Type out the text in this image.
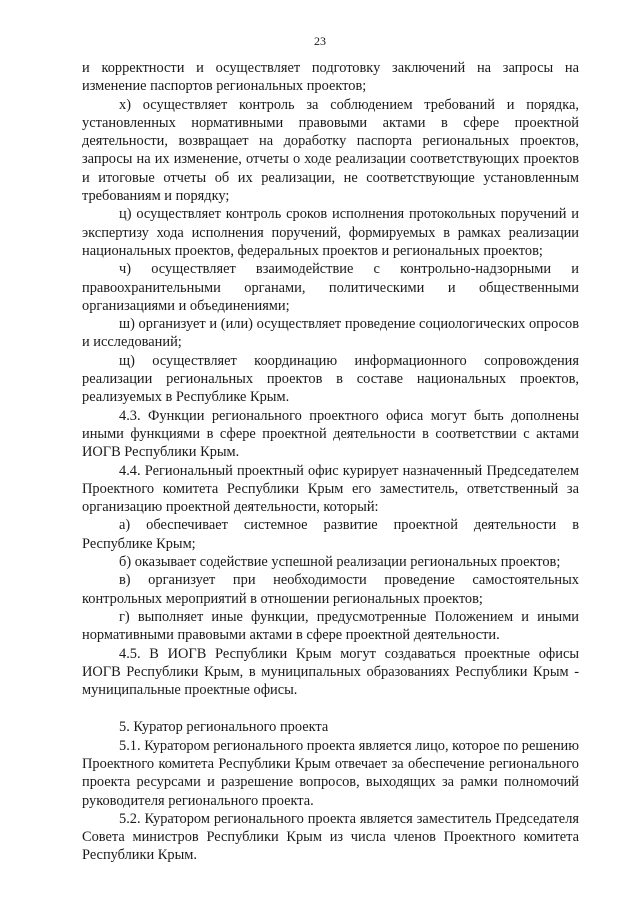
23

и корректности и осуществляет подготовку заключений на запросы на изменение паспортов региональных проектов;

х) осуществляет контроль за соблюдением требований и порядка, установленных нормативными правовыми актами в сфере проектной деятельности, возвращает на доработку паспорта региональных проектов, запросы на их изменение, отчеты о ходе реализации соответствующих проектов и итоговые отчеты об их реализации, не соответствующие установленным требованиям и порядку;

ц) осуществляет контроль сроков исполнения протокольных поручений и экспертизу хода исполнения поручений, формируемых в рамках реализации национальных проектов, федеральных проектов и региональных проектов;

ч) осуществляет взаимодействие с контрольно-надзорными и правоохранительными органами, политическими и общественными организациями и объединениями;

ш) организует и (или) осуществляет проведение социологических опросов и исследований;

щ) осуществляет координацию информационного сопровождения реализации региональных проектов в составе национальных проектов, реализуемых в Республике Крым.

4.3. Функции регионального проектного офиса могут быть дополнены иными функциями в сфере проектной деятельности в соответствии с актами ИОГВ Республики Крым.

4.4. Региональный проектный офис курирует назначенный Председателем Проектного комитета Республики Крым его заместитель, ответственный за организацию проектной деятельности, который:

а) обеспечивает системное развитие проектной деятельности в Республике Крым;

б) оказывает содействие успешной реализации региональных проектов;

в) организует при необходимости проведение самостоятельных контрольных мероприятий в отношении региональных проектов;

г) выполняет иные функции, предусмотренные Положением и иными нормативными правовыми актами в сфере проектной деятельности.

4.5. В ИОГВ Республики Крым могут создаваться проектные офисы ИОГВ Республики Крым, в муниципальных образованиях Республики Крым - муниципальные проектные офисы.

5. Куратор регионального проекта

5.1. Куратором регионального проекта является лицо, которое по решению Проектного комитета Республики Крым отвечает за обеспечение регионального проекта ресурсами и разрешение вопросов, выходящих за рамки полномочий руководителя регионального проекта.

5.2. Куратором регионального проекта является заместитель Председателя Совета министров Республики Крым из числа членов Проектного комитета Республики Крым.
